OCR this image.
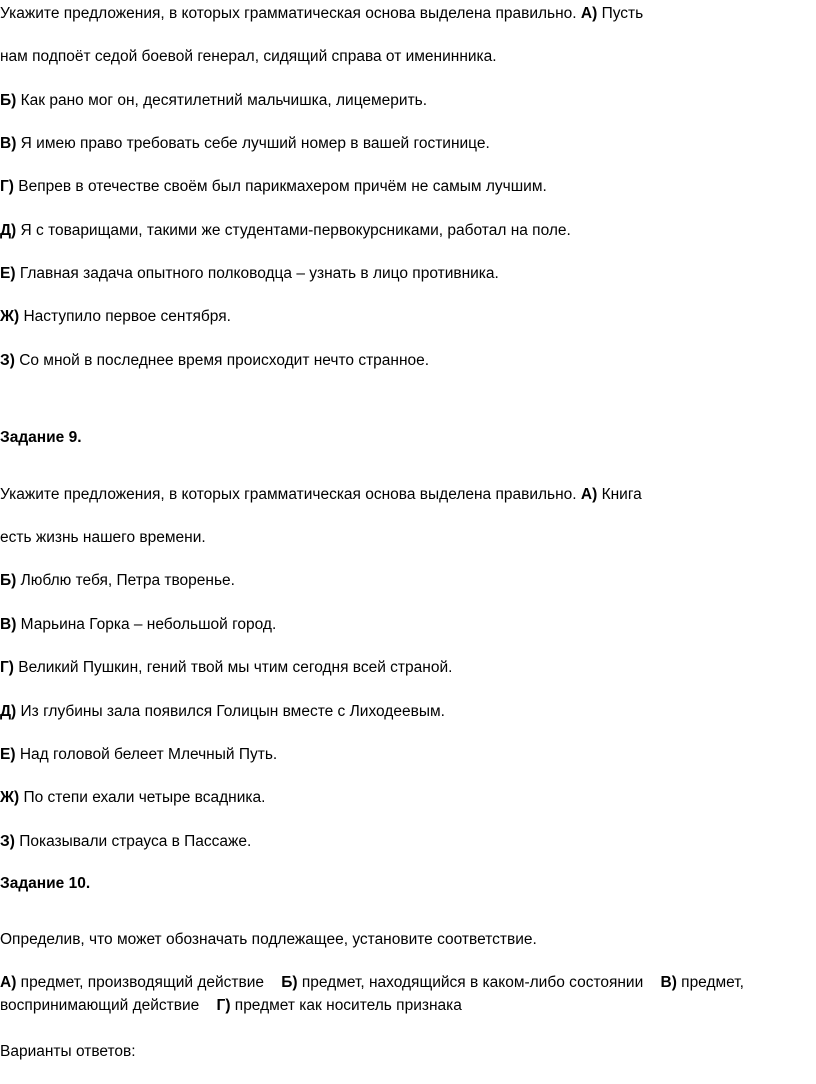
Укажите предложения, в которых грамматическая основа выделена правильно. А) Пусть
нам подпоёт седой боевой генерал, сидящий справа от именинника.
Б) Как рано мог он, десятилетний мальчишка, лицемерить.
В) Я имею право требовать себе лучший номер в вашей гостинице.
Г) Вепрев в отечестве своём был парикмахером причём не самым лучшим.
Д) Я с товарищами, такими же студентами-первокурсниками, работал на поле.
Е) Главная задача опытного полководца – узнать в лицо противника.
Ж) Наступило первое сентября.
З) Со мной в последнее время происходит нечто странное.
Задание 9.
Укажите предложения, в которых грамматическая основа выделена правильно. А) Книга
есть жизнь нашего времени.
Б) Люблю тебя, Петра творенье.
В) Марьина Горка – небольшой город.
Г) Великий Пушкин, гений твой мы чтим сегодня всей страной.
Д) Из глубины зала появился Голицын вместе с Лиходеевым.
Е) Над головой белеет Млечный Путь.
Ж) По степи ехали четыре всадника.
З) Показывали страуса в Пассаже.
Задание 10.
Определив, что может обозначать подлежащее, установите соответствие.
А) предмет, производящий действие Б) предмет, находящийся в каком-либо состоянии В) предмет, воспринимающий действие Г) предмет как носитель признака
Варианты ответов:
